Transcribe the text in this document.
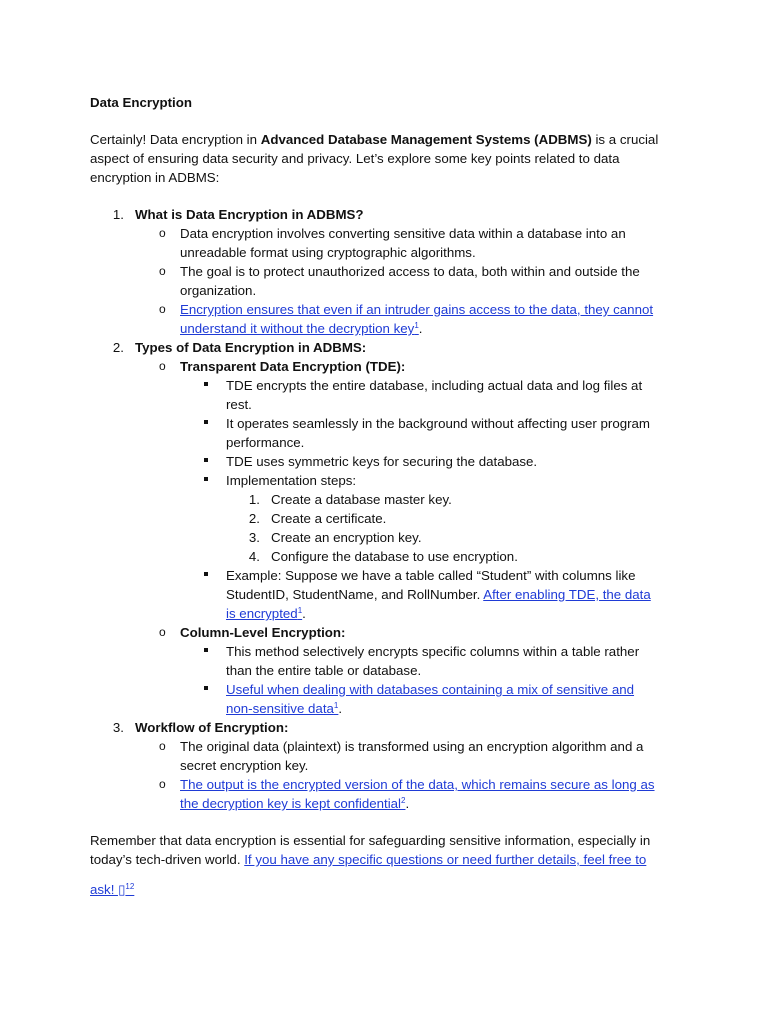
Data Encryption
Certainly! Data encryption in Advanced Database Management Systems (ADBMS) is a crucial
aspect of ensuring data security and privacy. Let’s explore some key points related to data
encryption in ADBMS:
1. What is Data Encryption in ADBMS?
o Data encryption involves converting sensitive data within a database into an
unreadable format using cryptographic algorithms.
o The goal is to protect unauthorized access to data, both within and outside the
organization.
o Encryption ensures that even if an intruder gains access to the data, they cannot
understand it without the decryption key$^1$.
2. Types of Data Encryption in ADBMS:
o Transparent Data Encryption (TDE):
TDE encrypts the entire database, including actual data and log files at
rest.
It operates seamlessly in the background without affecting user program
performance.
TDE uses symmetric keys for securing the database.
Implementation steps:
1. Create a database master key.
2. Create a certificate.
3. Create an encryption key.
4. Configure the database to use encryption.
Example: Suppose we have a table called “Student” with columns like
StudentID, StudentName, and RollNumber. After enabling TDE, the data
is encrypted$^1$.
o Column-Level Encryption:
This method selectively encrypts specific columns within a table rather
than the entire table or database.
Useful when dealing with databases containing a mix of sensitive and
non-sensitive data$^1$.
3. Workflow of Encryption:
o The original data (plaintext) is transformed using an encryption algorithm and a
secret encryption key.
o The output is the encrypted version of the data, which remains secure as long as
the decryption key is kept confidential$^2$.
Remember that data encryption is essential for safeguarding sensitive information, especially in
today’s tech-driven world. If you have any specific questions or need further details, feel free to
ask! ▯$^{12}$
